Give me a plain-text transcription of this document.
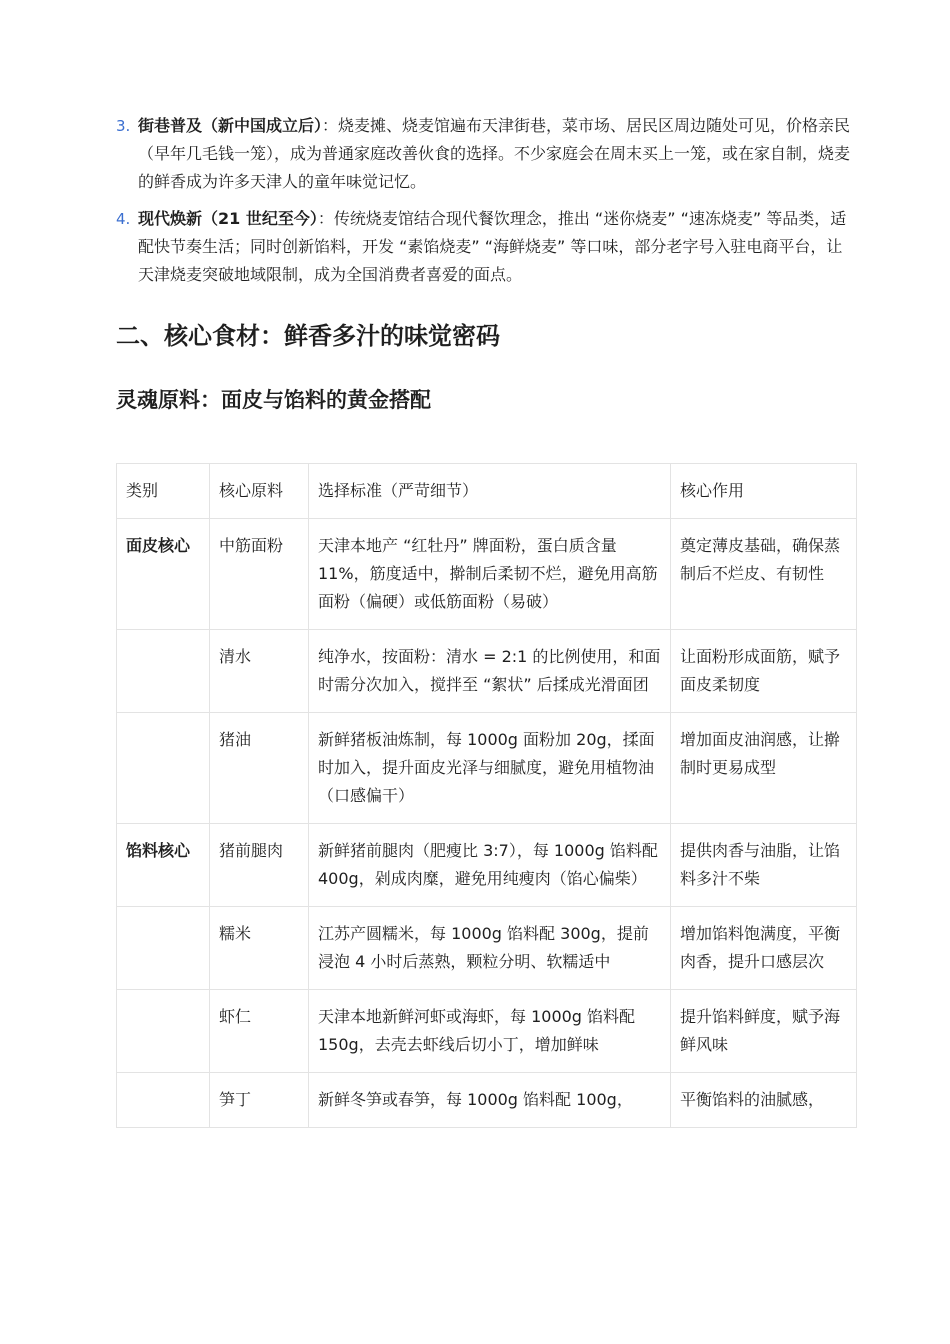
3. 街巷普及（新中国成立后）：烧麦摊、烧麦馆遍布天津街巷，菜市场、居民区周边随处可见，价格亲民（早年几毛钱一笼），成为普通家庭改善伙食的选择。不少家庭会在周末买上一笼，或在家自制，烧麦的鲜香成为许多天津人的童年味觉记忆。
4. 现代焕新（21 世纪至今）：传统烧麦馆结合现代餐饮理念，推出 “迷你烧麦” “速冻烧麦” 等品类，适配快节奏生活；同时创新馅料，开发 “素馅烧麦” “海鲜烧麦” 等口味，部分老字号入驻电商平台，让天津烧麦突破地域限制，成为全国消费者喜爱的面点。
二、核心食材：鲜香多汁的味觉密码
灵魂原料：面皮与馅料的黄金搭配
类别	核心原料	选择标准（严苛细节）	核心作用
面皮核心	中筋面粉	天津本地产 “红牡丹” 牌面粉，蛋白质含量 11%，筋度适中，擀制后柔韧不烂，避免用高筋面粉（偏硬）或低筋面粉（易破）	奠定薄皮基础，确保蒸制后不烂皮、有韧性
	清水	纯净水，按面粉：清水 = 2:1 的比例使用，和面时需分次加入，搅拌至 “絮状” 后揉成光滑面团	让面粉形成面筋，赋予面皮柔韧度
	猪油	新鲜猪板油炼制，每 1000g 面粉加 20g，揉面时加入，提升面皮光泽与细腻度，避免用植物油（口感偏干）	增加面皮油润感，让擀制时更易成型
馅料核心	猪前腿肉	新鲜猪前腿肉（肥瘦比 3:7），每 1000g 馅料配 400g，剁成肉糜，避免用纯瘦肉（馅心偏柴）	提供肉香与油脂，让馅料多汁不柴
	糯米	江苏产圆糯米，每 1000g 馅料配 300g，提前浸泡 4 小时后蒸熟，颗粒分明、软糯适中	增加馅料饱满度，平衡肉香，提升口感层次
	虾仁	天津本地新鲜河虾或海虾，每 1000g 馅料配 150g，去壳去虾线后切小丁，增加鲜味	提升馅料鲜度，赋予海鲜风味
	笋丁	新鲜冬笋或春笋，每 1000g 馅料配 100g，	平衡馅料的油腻感，
